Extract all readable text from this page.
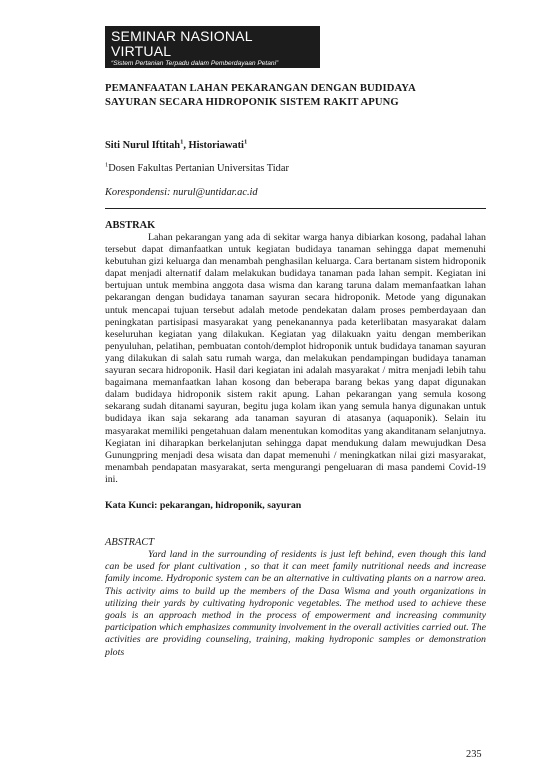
SEMINAR NASIONAL VIRTUAL
“Sistem Pertanian Terpadu dalam Pemberdayaan Petani”
Politeknik Pertanian Negeri Payakumbuh, 24 September 2020

PEMANFAATAN LAHAN PEKARANGAN DENGAN BUDIDAYA
SAYURAN SECARA HIDROPONIK SISTEM RAKIT APUNG

Siti Nurul Iftitah$^1$, Historiawati$^1$
$^1$Dosen Fakultas Pertanian Universitas Tidar
Korespondensi: nurul@untidar.ac.id
ABSTRAK

Lahan pekarangan yang ada di sekitar warga hanya dibiarkan kosong, padahal lahan tersebut dapat dimanfaatkan untuk kegiatan budidaya tanaman sehingga dapat memenuhi kebutuhan gizi keluarga dan menambah penghasilan keluarga. Cara bertanam sistem hidroponik dapat menjadi alternatif dalam melakukan budidaya tanaman pada lahan sempit. Kegiatan ini bertujuan untuk membina anggota dasa wisma dan karang taruna dalam memanfaatkan lahan pekarangan dengan budidaya tanaman sayuran secara hidroponik. Metode yang digunakan untuk mencapai tujuan tersebut adalah metode pendekatan dalam proses pemberdayaan dan peningkatan partisipasi masyarakat yang penekanannya pada keterlibatan masyarakat dalam keseluruhan kegiatan yang dilakukan. Kegiatan yag dilakuakn yaitu dengan memberikan penyuluhan, pelatihan, pembuatan contoh/demplot hidroponik untuk budidaya tanaman sayuran yang dilakukan di salah satu rumah warga, dan melakukan pendampingan budidaya tanaman sayuran secara hidroponik. Hasil dari kegiatan ini adalah masyarakat / mitra menjadi lebih tahu bagaimana memanfaatkan lahan kosong dan beberapa barang bekas yang dapat digunakan dalam budidaya hidroponik sistem rakit apung. Lahan pekarangan yang semula kosong sekarang sudah ditanami sayuran, begitu juga kolam ikan yang semula hanya digunakan untuk budidaya ikan saja sekarang ada tanaman sayuran di atasanya (aquaponik). Selain itu masyarakat memiliki pengetahuan dalam menentukan komoditas yang akanditanam selanjutnya. Kegiatan ini diharapkan berkelanjutan sehingga dapat mendukung dalam mewujudkan Desa Gunungpring menjadi desa wisata dan dapat memenuhi / meningkatkan nilai gizi masyarakat, menambah pendapatan masyarakat, serta mengurangi pengeluaran di masa pandemi Covid-19 ini.

Kata Kunci: pekarangan, hidroponik, sayuran
ABSTRACT

Yard land in the surrounding of residents is just left behind, even though this land can be used for plant cultivation , so that it can meet family nutritional needs and increase family income. Hydroponic system can be an alternative in cultivating plants on a narrow area. This activity aims to build up the members of the Dasa Wisma and youth organizations in utilizing their yards by cultivating hydroponic vegetables. The method used to achieve these goals is an approach method in the process of empowerment and increasing community participation which emphasizes community involvement in the overall activities carried out. The activities are providing counseling, training, making hydroponic samples or demonstration plots

235
